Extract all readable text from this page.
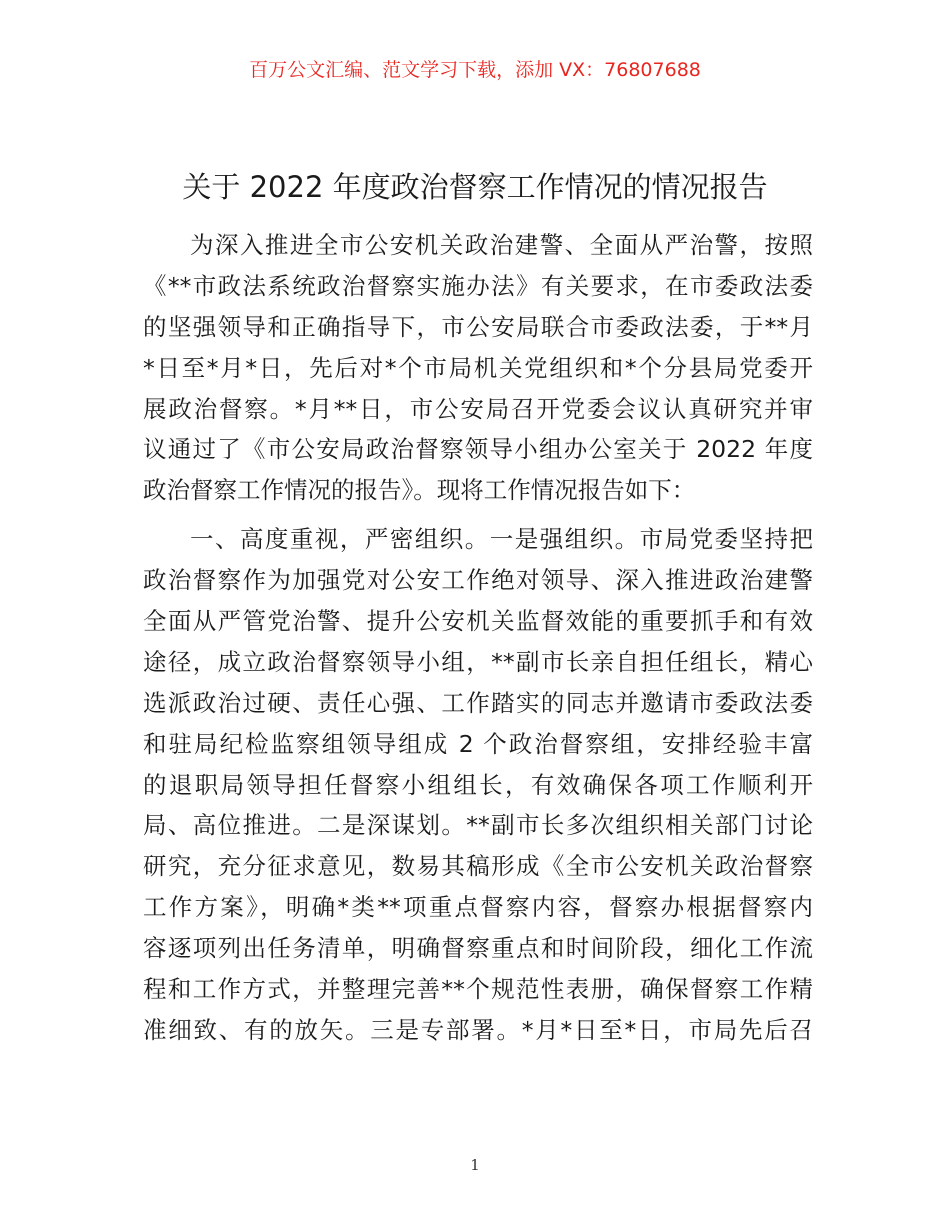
百万公文汇编、范文学习下载，添加 VX：76807688
关于 2022 年度政治督察工作情况的情况报告
为深入推进全市公安机关政治建警、全面从严治警，按照
《**市政法系统政治督察实施办法》有关要求，在市委政法委
的坚强领导和正确指导下，市公安局联合市委政法委，于**月
*日至*月*日，先后对*个市局机关党组织和*个分县局党委开
展政治督察。*月**日，市公安局召开党委会议认真研究并审
议通过了《市公安局政治督察领导小组办公室关于 2022 年度
政治督察工作情况的报告》。现将工作情况报告如下：
一、高度重视，严密组织。一是强组织。市局党委坚持把
政治督察作为加强党对公安工作绝对领导、深入推进政治建警
全面从严管党治警、提升公安机关监督效能的重要抓手和有效
途径，成立政治督察领导小组，**副市长亲自担任组长，精心
选派政治过硬、责任心强、工作踏实的同志并邀请市委政法委
和驻局纪检监察组领导组成 2 个政治督察组，安排经验丰富
的退职局领导担任督察小组组长，有效确保各项工作顺利开
局、高位推进。二是深谋划。**副市长多次组织相关部门讨论
研究，充分征求意见，数易其稿形成《全市公安机关政治督察
工作方案》，明确*类**项重点督察内容，督察办根据督察内
容逐项列出任务清单，明确督察重点和时间阶段，细化工作流
程和工作方式，并整理完善**个规范性表册，确保督察工作精
准细致、有的放矢。三是专部署。*月*日至*日，市局先后召
1
